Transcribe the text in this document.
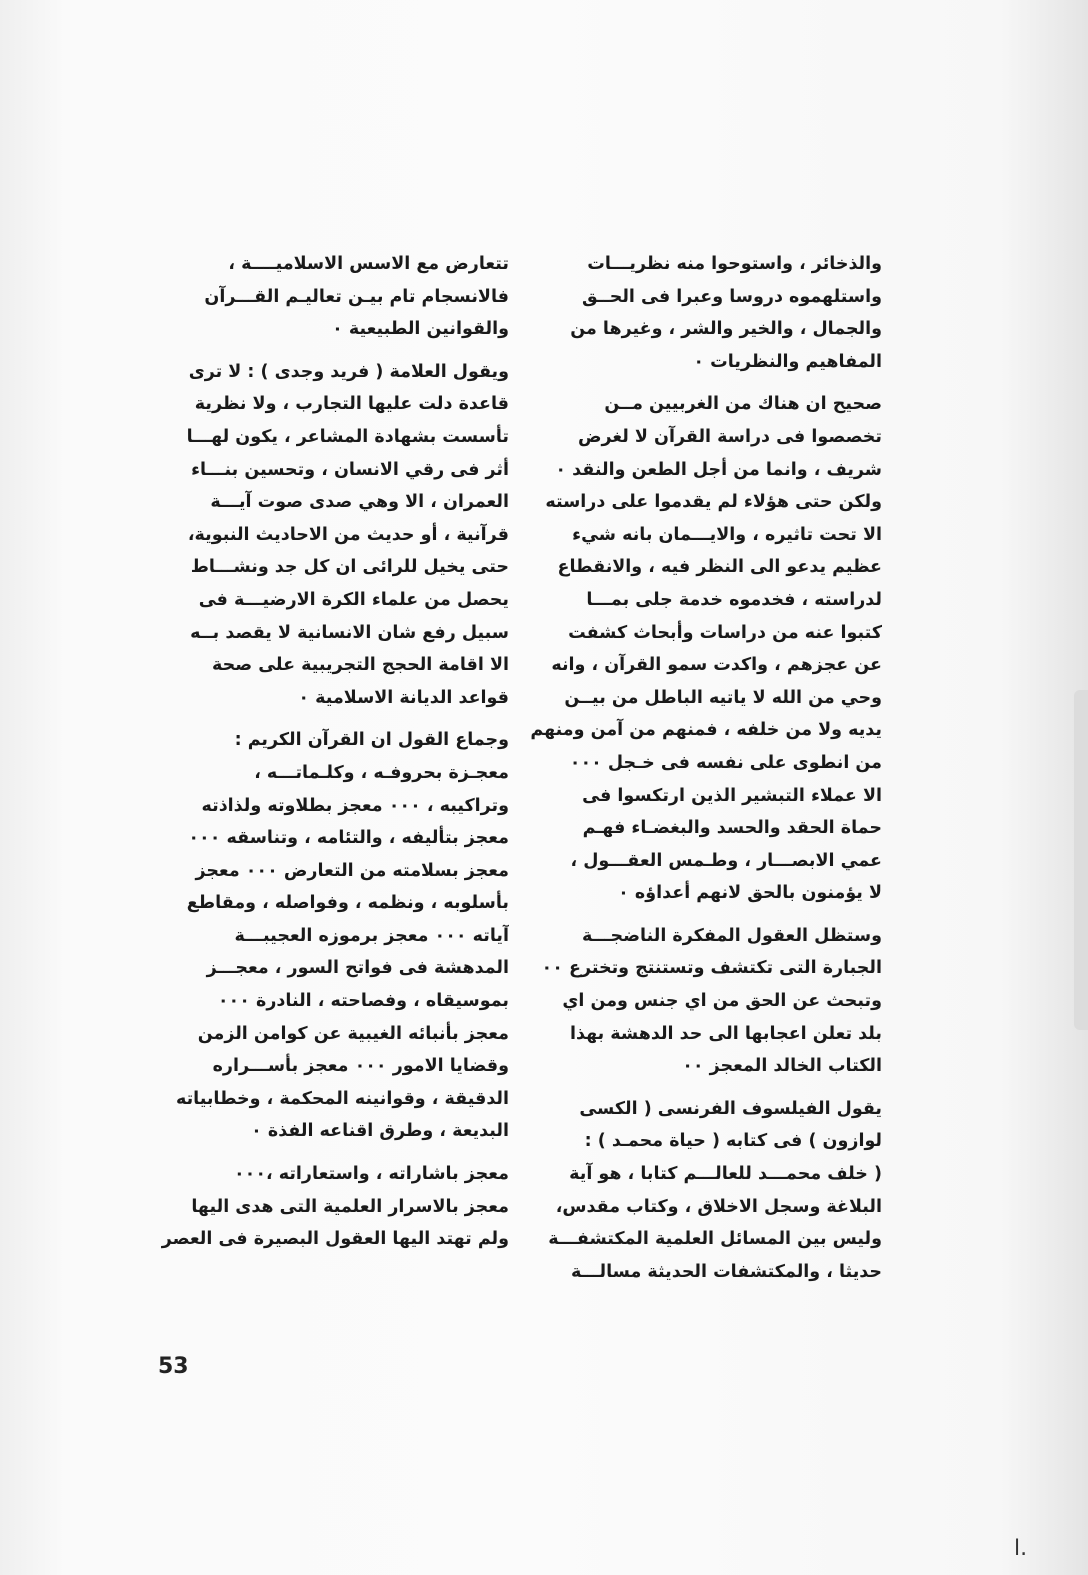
والذخائر ، واستوحوا منه نظريـــات
واستلهموه دروسا وعبرا فى الحــق
والجمال ، والخير والشر ، وغيرها من
المفاهيم والنظريات ٠
صحيح ان هناك من الغربيين مــن
تخصصوا فى دراسة القرآن لا لغرض
شريف ، وانما من أجل الطعن والنقد ٠
ولكن حتى هؤلاء لم يقدموا على دراسته
الا تحت تاثيره ، والايـــمان بانه شيء
عظيم يدعو الى النظر فيه ، والانقطاع
لدراسته ، فخدموه خدمة جلى بمـــا
كتبوا عنه من دراسات وأبحاث كشفت
عن عجزهم ، واكدت سمو القرآن ، وانه
وحي من الله لا ياتيه الباطل من بيــن
يديه ولا من خلفه ، فمنهم من آمن ومنهم
من انطوى على نفسه فى خـجل ٠٠٠
الا عملاء التبشير الذين ارتكسوا فى
حماة الحقد والحسد والبغضـاء فهـم
عمي الابصـــار ، وطـمس العقـــول ،
لا يؤمنون بالحق لانهم أعداؤه ٠
وستظل العقول المفكرة الناضجـــة
الجبارة التى تكتشف وتستنتج وتخترع ٠٠
وتبحث عن الحق من اي جنس ومن اي
بلد تعلن اعجابها الى حد الدهشة بهذا
الكتاب الخالد المعجز ٠٠
يقول الفيلسوف الفرنسى ( الكسى
لوازون ) فى كتابه ( حياة محمـد ) :
( خلف محمـــد للعالـــم كتابا ، هو آية
البلاغة وسجل الاخلاق ، وكتاب مقدس،
وليس بين المسائل العلمية المكتشفـــة
حديثا ، والمكتشفات الحديثة مسالـــة
تتعارض مع الاسس الاسلاميــــة ،
فالانسجام تام بيـن تعاليـم القـــرآن
والقوانين الطبيعية ٠
ويقول العلامة ( فريد وجدى ) : لا ترى
قاعدة دلت عليها التجارب ، ولا نظرية
تأسست بشهادة المشاعر ، يكون لهـــا
أثر فى رقي الانسان ، وتحسين بنـــاء
العمران ، الا وهي صدى صوت آيـــة
قرآنية ، أو حديث من الاحاديث النبوية،
حتى يخيل للرائى ان كل جد ونشـــاط
يحصل من علماء الكرة الارضيـــة فى
سبيل رفع شان الانسانية لا يقصد بــه
الا اقامة الحجج التجريبية على صحة
قواعد الديانة الاسلامية ٠
وجماع القول ان القرآن الكريم :
معجـزة بحروفـه ، وكلـماتـــه ،
وتراكيبه ، ٠٠٠ معجز بطلاوته ولذاذته
معجز بتأليفه ، والتئامه ، وتناسقه ٠٠٠
معجز بسلامته من التعارض ٠٠٠ معجز
بأسلوبه ، ونظمه ، وفواصله ، ومقاطع
آياته ٠٠٠ معجز برموزه العجيبـــة
المدهشة فى فواتح السور ، معجـــز
بموسيقاه ، وفصاحته ، النادرة ٠٠٠
معجز بأنبائه الغيبية عن كوامن الزمن
وقضايا الامور ٠٠٠ معجز بأســـراره
الدقيقة ، وقوانينه المحكمة ، وخطابياته
البديعة ، وطرق اقناعه الفذة ٠
معجز باشاراته ، واستعاراته ،٠٠٠
معجز بالاسرار العلمية التى هدى اليها
ولم تهتد اليها العقول البصيرة فى العصر
53
ا.
